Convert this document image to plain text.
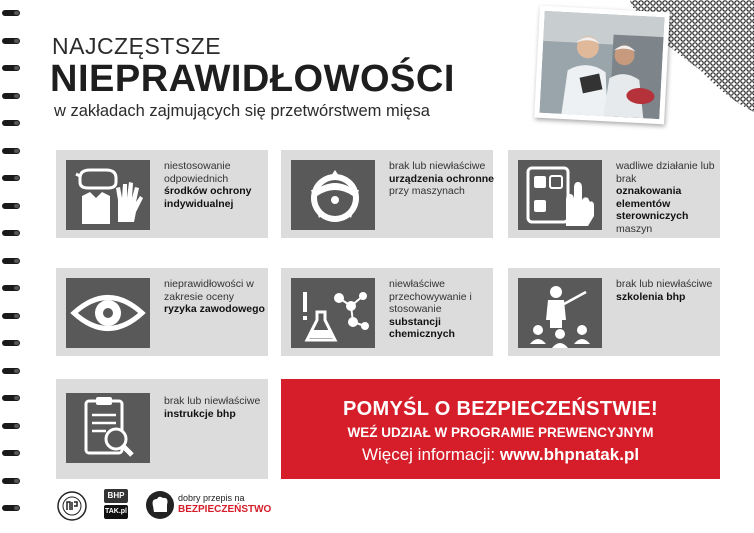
NAJCZĘSTSZE
NIEPRAWIDŁOWOŚCI
w zakładach zajmujących się przetwórstwem mięsa
niestosowanie odpowiednich
środków ochrony indywidualnej
brak lub niewłaściwe
urządzenia ochronne
przy maszynach
wadliwe działanie lub brak
oznakowania elementów sterowniczych
maszyn
nieprawidłowości w zakresie oceny
ryzyka zawodowego
niewłaściwe przechowywanie i stosowanie
substancji chemicznych
brak lub niewłaściwe
szkolenia bhp
brak lub niewłaściwe
instrukcje bhp	POMYŚL O BEZPIECZEŃSTWIE!
WEŹ UDZIAŁ W PROGRAMIE PREWENCYJNYM
Więcej informacji: www.bhpnatak.pl
BHP
TAK.pl
dobry przepis na
BEZPIECZEŃSTWO
